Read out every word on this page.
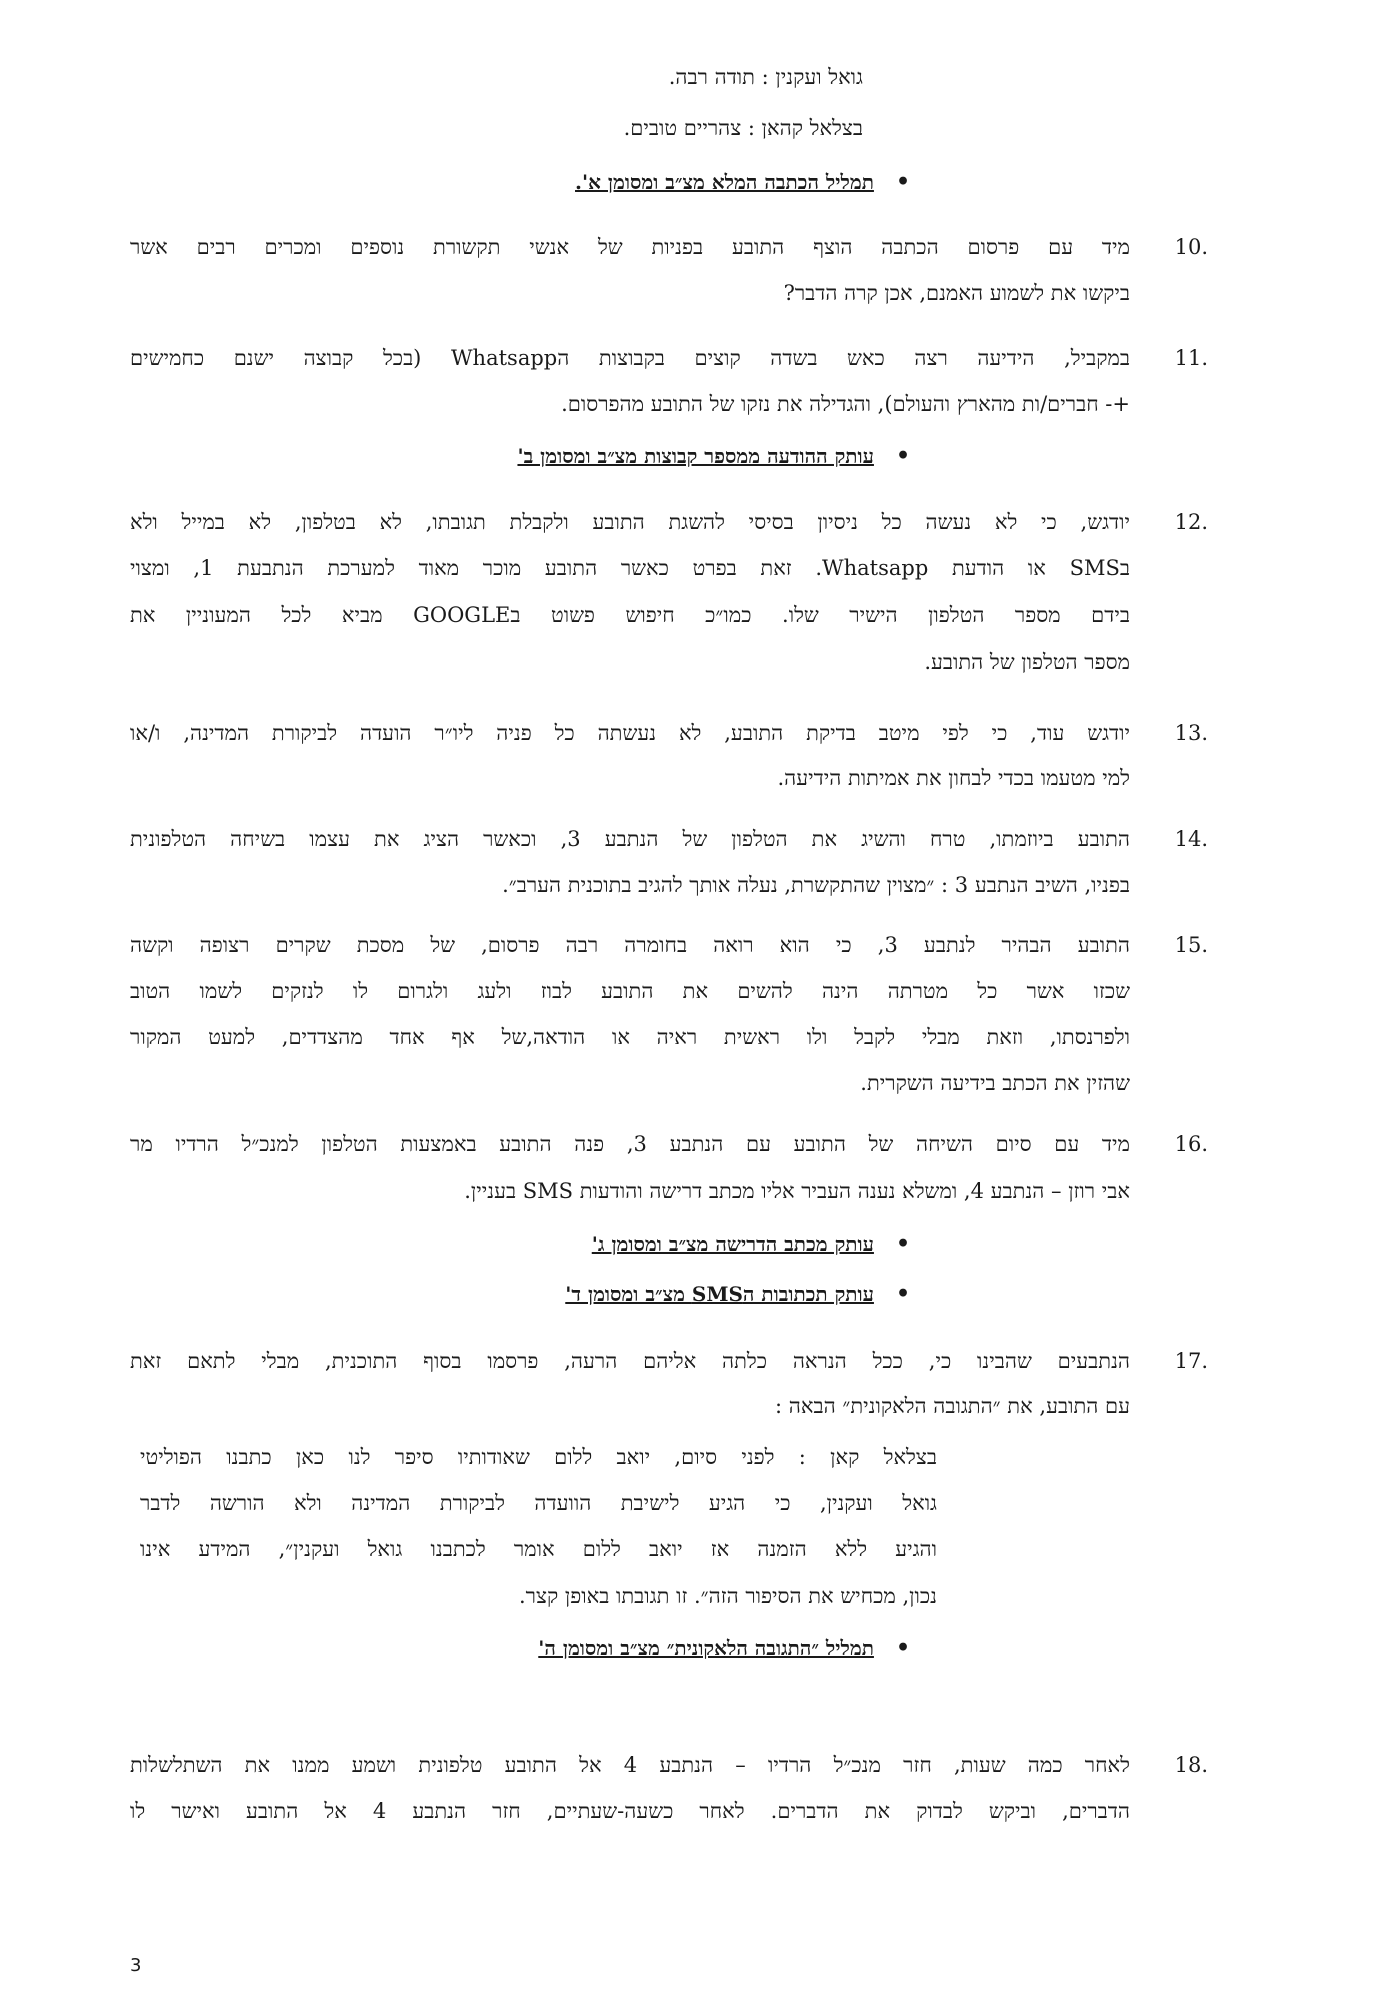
גואל ועקנין : תודה רבה.
בצלאל קהאן : צהריים טובים.
•תמליל הכתבה המלא מצ״ב ומסומן א'.
10.
מיד עם פרסום הכתבה הוצף התובע בפניות של אנשי תקשורת נוספים ומכרים רבים אשר
ביקשו את לשמוע האמנם, אכן קרה הדבר?
11.
במקביל, הידיעה רצה כאש בשדה קוצים בקבוצות הWhatsapp (בכל קבוצה ישנם כחמישים
+- חברים/ות מהארץ והעולם), והגדילה את נזקו של התובע מהפרסום.
•עותק ההודעה ממספר קבוצות מצ״ב ומסומן ב'
12.
יודגש, כי לא נעשה כל ניסיון בסיסי להשגת התובע ולקבלת תגובתו, לא בטלפון, לא במייל ולא
בSMS או הודעת Whatsapp. זאת בפרט כאשר התובע מוכר מאוד למערכת הנתבעת 1, ומצוי
בידם מספר הטלפון הישיר שלו. כמו״כ חיפוש פשוט בGOOGLE מביא לכל המעוניין את
מספר הטלפון של התובע.
13.
יודגש עוד, כי לפי מיטב בדיקת התובע, לא נעשתה כל פניה ליו״ר הועדה לביקורת המדינה, ו/או
למי מטעמו בכדי לבחון את אמיתות הידיעה.
14.
התובע ביוזמתו, טרח והשיג את הטלפון של הנתבע 3, וכאשר הציג את עצמו בשיחה הטלפונית
בפניו, השיב הנתבע 3 : ״מצוין שהתקשרת, נעלה אותך להגיב בתוכנית הערב״.
15.
התובע הבהיר לנתבע 3, כי הוא רואה בחומרה רבה פרסום, של מסכת שקרים רצופה וקשה
שכזו אשר כל מטרתה הינה להשים את התובע לבוז ולעג ולגרום לו לנזקים לשמו הטוב
ולפרנסתו, וזאת מבלי לקבל ולו ראשית ראיה או הודאה,של אף אחד מהצדדים, למעט המקור
שהזין את הכתב בידיעה השקרית.
16.
מיד עם סיום השיחה של התובע עם הנתבע 3, פנה התובע באמצעות הטלפון למנכ״ל הרדיו מר
אבי רוזן – הנתבע 4, ומשלא נענה העביר אליו מכתב דרישה והודעות SMS בעניין.
•עותק מכתב הדרישה מצ״ב ומסומן ג'
•עותק תכתובות הSMS מצ״ב ומסומן ד'
17.
הנתבעים שהבינו כי, ככל הנראה כלתה אליהם הרעה, פרסמו בסוף התוכנית, מבלי לתאם זאת
עם התובע, את ״התגובה הלאקונית״ הבאה :
בצלאל קאן : לפני סיום, יואב ללום שאודותיו סיפר לנו כאן כתבנו הפוליטי
גואל ועקנין, כי הגיע לישיבת הוועדה לביקורת המדינה ולא הורשה לדבר
והגיע ללא הזמנה אז יואב ללום אומר לכתבנו גואל ועקנין״, המידע אינו
נכון, מכחיש את הסיפור הזה״. זו תגובתו באופן קצר.
•תמליל ״התגובה הלאקונית״ מצ״ב ומסומן ה'
18.
לאחר כמה שעות, חזר מנכ״ל הרדיו – הנתבע 4 אל התובע טלפונית ושמע ממנו את השתלשלות
הדברים, וביקש לבדוק את הדברים. לאחר כשעה-שעתיים, חזר הנתבע 4 אל התובע ואישר לו
3
